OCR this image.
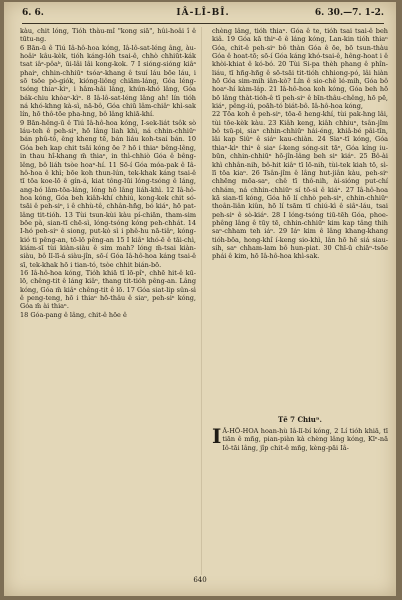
6. 6.	IÂ-LÎ-BÎ.	6. 30.—7. 1-2.
kàu, chit lóng, Tióh thàu-mî "kong siā", hûi-hoâi î ê tūtu-ng.
6 Bān-ū ê Tiú Iâ-hô-hoa kóng, Iâ-lô-sat-léng âng, àu-hoâiᵃ kâu-kèk, tióh káng-lóh tsai-ê, chhò chhiūt-kák tsat iâᵃ-pôaᵇ, ūi-lâi lâi kong-kok. 7 I sióng-sióng kiâᵃ phaiᵃ, chhin-chhiūⁿ tsóaᵃ-khang ê tsuí láu bōe láu, i sō tsōe pò-giók, kióng-liông chiām-láng, Góa léng-tsóng thiaⁿ-kìⁿ, i hâm-hâi lâng, khún-khó lâng, Góa bák-chiu khòaⁿ-kìⁿ. 8 Iâ-lô-sat-léng lâng ah! lín tióh ná khó-khng kà-sì, nā-bô, Góa chiū lâm-chiâⁿ khì-sak lín, hō thô-tōe pha-hng, bô lâng khiā-khí.
9 Bān-hêng-ū ê Tiú Iâ-hô-hoa kóng, I-sek-liát tsôk sò láu-teh ê peh-siⁿ, hō lâng liah khì, ná chhin-chhiūⁿ bán phû-tô, êng kheng tē, bán liáu koh-tsai bán. 10 Góa beh kap chit tsāi kóng ōe ? hō i thiaⁿ bêng-lêng, in thau hî-khang m̄ thiaⁿ, in thì-chhiò Góa ê bêng-lêng, bô liáh tsòe hoaⁿ-hí. 11 Sō-í Góa móa-pak ê Iâ-hô-hoa ê khì; bōe koh thun-lún, tek-khak káng tsai-ê tī tōa koe-lō ê gín-á, kiat tông-lūi lóng-tsóng ê láng, ang-bó lâm-tōa-láng, lóng hō lâng liáh-khì. 12 Iâ-hô-hoa kóng, Góa beh kiâh-khí chhiú, kong-kek chit só-tsāi ê peh-siⁿ, i ê chhù-tê, chhân-hñg, bó kiáⁿ, hō pat-lâng tit-tióh. 13 Tùi tsun-kùi kàu pí-chiān, tham-sim bōe pà, sian-tī chē-sì, lóng-tsóng kóng peh-chhát. 14 I-hó peh-siⁿ ê siong, put-kò sì i phê-hu nā-tiâⁿ, kóng-kió ti pêng-an, tō-lō pêng-an 15 I kiâⁿ khó-ē ê tāi-chì, kiám-sī tùi kiàn-siàu ê sim mah? lóng m̄-tsai kiàn-siàu, bô lī-lī-á siàu-jîn, sō-í Góa Iâ-hô-hoa káng tsai-ê sī, tek-khak hō i tian-tó, tsòe chhit bián-bō.
16 Iâ-hô-hoa kóng, Tióh khiā tī lō-pîⁿ, chhē hit-ê kū-lō, chêng-tit ê láng kiâⁿ, thang tit-tióh pêng-an. Lâng kóng, Góa m̄ kiâⁿ chêng-tit ê lō. 17 Góa siat-lip sûn-sì ê peng-teng, hō i thiaⁿ hō-thâu ê siaⁿ, peh-siⁿ kóng, Góa m̄ ài thiaⁿ.
18 Góa-pang ê lâng, chit-ê hōe ê
chèng lâng, tióh thiaⁿ. Góa ê te, tióh tsai tsai-ê beh kiâ. 19 Góa kā thiⁿ-ē ê láng kóng, Lan-kin tióh thiaⁿ Góa, chit-ê peh-siⁿ bô thàn Góa ê ōe, bō tsun-thàu Góa ê hoat-tō; sō-í Góa káng khó-tsai-ê, hêng-hoat i ê khòi-khiat ê kó-bó. 20 Tùi Si-pa thèh phang ê phîn-liáu, tī hñg-hñg ê sō-tsāi tit-tióh chhiong-pó, lâi hiàn hō Góa sim-mih iân-kò? Lín ê sio-chê lé-mih, Góa bô hoaⁿ-hí kàm-láp. 21 Iâ-hô-hoa koh kóng, Góa beh hō bō lâng thàt-tióh-ê tī peh-siⁿ ê bīn-thâu-chêng, hō pē, kiáⁿ, pêng-iú, poāh-tó biát-bô. Iâ-hô-hoa kóng,
22 Tōa koh ê peh-siⁿ, tōa-ē heng-khí, tùi pak-hng lâi, tùi tōe-kèk kàu. 23 Kiâh keng, kiâh chhiuⁿ, tsân-jîm bô tsū-pi, siaⁿ chhin-chhiūⁿ hái-éng, khiâ-bé pâi-tīn, lâi kap Siûⁿ ê siáⁿ kau-chiàn. 24 Siaⁿ-tī kóng, Góa thiaⁿ-kìⁿ thiⁿ ê siaⁿ í-keng sóng-sit tāⁿ, Góa kíng iu-būn, chhin-chhiūⁿ hō-jîn-lâng beh siⁿ kiáⁿ. 25 Bô-ài khì chhân-nih, bô-hit kiâⁿ tī lō-nih, tùi-tek kiah tō, sì-lī tōa kiaⁿ. 26 Tsân-jîm ê lâng hut-jiân kàu, peh-siⁿ chhēng mōa-saⁿ, chê tī thô-nih, ài-sióng put-chí chhám, ná chhin-chhiūⁿ sí tō-sì ê kiáⁿ. 27 Iâ-hô-hoa kā sian-tī kóng, Góa hō lí chhò peh-siⁿ, chhin-chhiūⁿ thoân-liân kiûn, hō lí tsām tī chiú-kì ê siâⁿ-láu, tsai peh-siⁿ ê sò-kiáⁿ. 28 I lóng-tsóng tiū-tēh Góa, phoe-phêng lâng ê tūy tē, chhin-chhiūⁿ kim kap tâng thih saⁿ-chham teh iáⁿ. 29 Iáⁿ kim ê lâng khang-khang tióh-bōa, hong-khî í-keng sio-khì, lân hō hē siá siau-sih, saⁿ chham-lam bô hun-piat. 30 Chī-ū chiāⁿ-tsōe phái ê kim, hō Iâ-hô-hoa khì-sak.
Tē 7 Chiuⁿ.
I Â-HÔ-HOA hoan-hù Iâ-lī-bí kóng, 2 Lí tióh khiā, tī tiān ê mñg, pian-piàn kà chèng lâng kóng, Kīⁿ-nā Iô-tāi lâng, jîp chit-ê mñg, kèng-pāi Iâ-
640
